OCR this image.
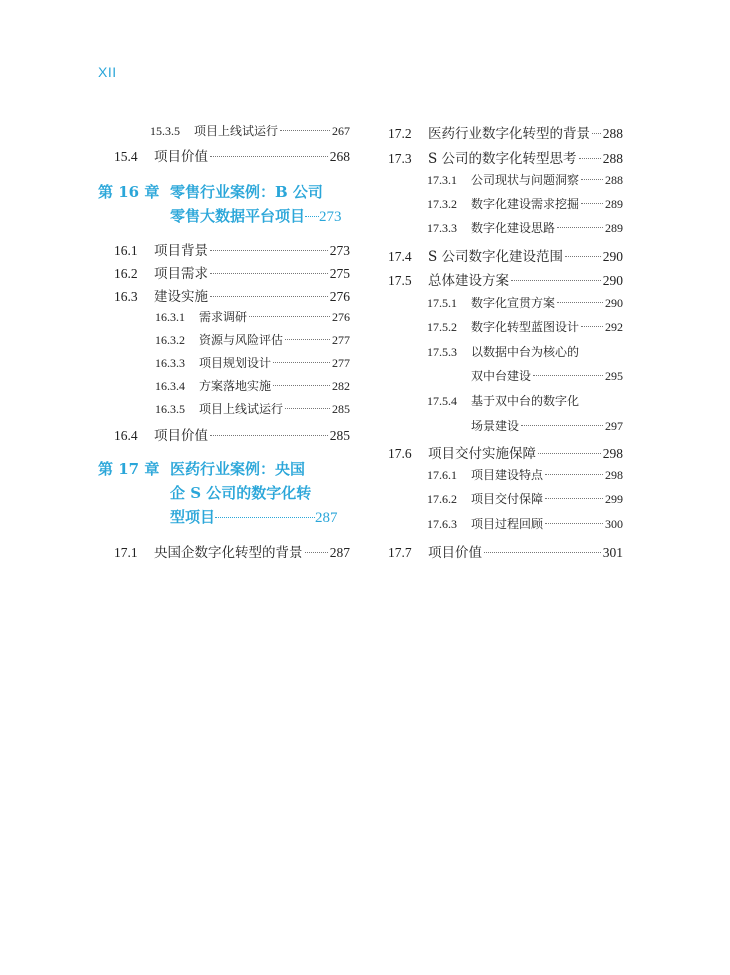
XII
15.3.5	项目上线试运行	267
15.4	项目价值	268
第 16 章 零售行业案例：B 公司
零售大数据平台项目 273
16.1	项目背景	273
16.2	项目需求	275
16.3	建设实施	276
16.3.1	需求调研	276
16.3.2	资源与风险评估	277
16.3.3	项目规划设计	277
16.3.4	方案落地实施	282
16.3.5	项目上线试运行	285
16.4	项目价值	285
第 17 章 医药行业案例：央国
企 S 公司的数字化转
型项目	287
17.1	央国企数字化转型的背景 287
17.2	医药行业数字化转型的背景 288
17.3	S 公司的数字化转型思考 288
17.3.1	公司现状与问题洞察 288
17.3.2	数字化建设需求挖掘 289
17.3.3	数字化建设思路	289
17.4	S 公司数字化建设范围	290
17.5	总体建设方案	290
17.5.1	数字化宣贯方案	290
17.5.2	数字化转型蓝图设计 292
17.5.3	以数据中台为核心的
双中台建设	295
17.5.4	基于双中台的数字化
场景建设	297
17.6	项目交付实施保障	298
17.6.1	项目建设特点	298
17.6.2	项目交付保障	299
17.6.3	项目过程回顾	300
17.7	项目价值	301
